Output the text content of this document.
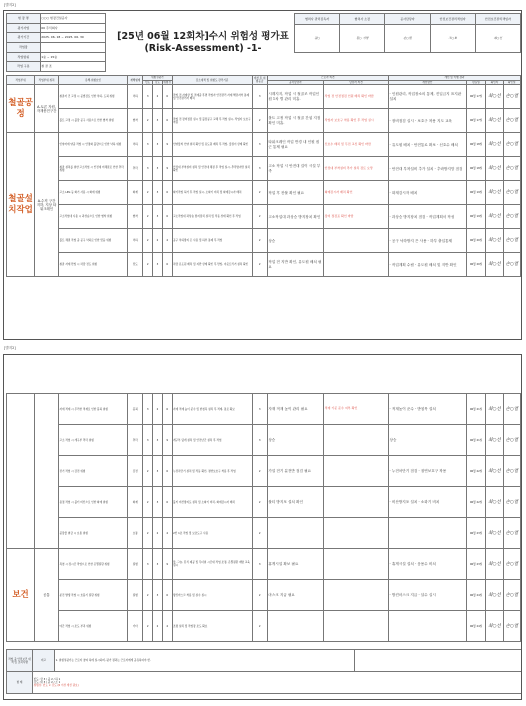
[별지2]
현 장 명	○○○ 현장건설공사
평가사업	00 주식회사
평가기간	2025. 06. 18 ~ 2025. 06. 30
작업장	
작업범위	1층 ~ 15층
작업 구분	철 골 조
[25년 06월 12회차]수시 위험성 평가표
(Risk-Assessment) -1-
협력사 관리감독자	협력사 소장	공사담당자	안전보건관리책임자	안전보건관리책임자
강○	김○ 서명	손○열	조○호	최○선
작업부위	작업부위 위치	유해·위험요인	재해형태	위험성평가			감소대책 및 위험도 관리기준	개선 후 위험등급	근로자 의견		개선 및 이행 결과			
				빈도	강도	위험성			공사담당자	담당자 의견	개선방안	완료일	확인자	확인일
철골공정	A-토론 자원, 자재충전구간	철골자 건 고정 시 공법검토 인한 낙하, 도괴 위험	낙하	3	2	6	작업 전 자재상 및 적재중 후면 작업자 안전관리 자재 해당지역 통제 및 안전관리자 배치	3	시계지지, 작업 시 철골조 작업인원 1차 별 관리 미흡.	작업 전 안전점검 인원 배치 확인 바람	- 인원관리, 작업장소의 통제, 진입금지 표지판 설치	06월 17일	최○선	손○열
		볼트 고정 시 불량 공구 사용으로 인한 협착 위험	협착	2	3	6	작업 전 장비점검 실시 및 불량공구 교체 후 작업 실시, 작업자 보호구 착용	2	볼트 고정 작업 시 철골 간섭 지점 확인 미흡.	작업자 보호구 착용 확인 후 작업 실시	- 장비점검 실시 - 보호구 착용 지도 교육	06월 17일	최○선	손○열
철골설치작업	A-수직 구간 지하, 지상 타워크레인	인양자재 양중 작업 시 안정화 불량으로 인한 낙하 위험	낙하	3	3	9	인양물의 인양 위치 확인 및 유도원 배치 후 작업, 줄걸이 상태 확인	3	타워크레인 작업 반경 내 인원 접근 통제 필요	신호수 배치 및 무전 교신 확인 바람	- 유도원 배치 - 안전통로 확보 - 신호수 배치	06월 18일	최○선	손○열
		철골 설치를 위한 고소작업 시 안전대 미체결로 인한 추락 위험	추락	3	3	9	안전대 부착설비 설치 및 안전대 체결 후 작업 실시, 추락방지망 설치 확인	3	고소 작업 시 안전대 걸이 시설 부족	안전대 부착설비 추가 설치 검토 요망	- 안전대 부착설비 추가 설치 - 추락방지망 점검	06월 18일	최○선	손○열
		고소 LPG 등 화기 사용 시 화재 위험	화재	2	3	6	화기작업 허가 후 작업 실시, 소화기 비치 및 화재감시자 배치	2	작업 후 잔불 확인 필요	화재감시자 배치 확인	- 화재감시자 배치	06월 19일	최○선	손○열
		고소작업대 사용 시 과상승으로 인한 협착 위험	협착	2	3	6	고소작업대 과상승 방지장치 설치 및 작동 상태 확인 후 작업	2	고소작업대 과상승 방지장치 확인	장비 점검표 확인 바람	- 과상승 방지장치 점검 - 작업계획서 작성	06월 19일	최○선	손○열
		볼트 체결 작업 중 공구 낙하로 인한 맞음 위험	낙하	2	2	4	공구 낙하방지 끈 사용 및 하부 통제 후 작업	2	상승		- 공구 낙하방지 끈 사용 - 하부 출입통제	06월 20일	최○선	손○열
		철골 자재 반입 시 차량 전도 위험	전도	2	3	6	차량 유도원 배치 및 지반 상태 확인 후 반입, 아웃트리거 설치 확인	2	작업 전 지반 확인, 유도원 배치 필요		- 작업계획 수립 - 유도원 배치 및 지반 확인	06월 20일	최○선	손○열
[별지2]
		자재 적재 시 무리한 적재로 인한 붕괴 위험	붕괴	3	2	6	자재 적재 높이 준수 및 받침목 설치 후 적재, 통로 확보	3	자재 적재 높이 관리 필요	적재 기준 준수 여부 확인	- 적재높이 준수 - 받침목 설치	06월 21일	최○선	손○열
		고소 작업 시 개구부 추락 위험	추락	3	3	9	개구부 덮개 설치 및 안전난간 설치 후 작업	3	상승		상승	06월 21일	최○선	손○열
		전기 작업 시 감전 위험	감전	2	3	6	누전차단기 설치 및 작동 확인, 절연보호구 착용 후 작업	2	가설 전기 분전반 점검 필요		- 누전차단기 점검 - 절연보호구 착용	06월 22일	최○선	손○열
		용접 작업 시 불티 비산으로 인한 화재 위험	화재	2	3	6	불티 비산방지포 설치 및 소화기 비치, 화재감시자 배치	2	불티 방지포 설치 확인		- 비산방지포 설치 - 소화기 비치	06월 22일	최○선	손○열
		중량물 취급 시 요통 위험	요통	2	2	4	2인 1조 작업 및 보조도구 사용	2				06월 23일	최○선	손○열
보건	공통	폭염 시 장시간 작업으로 인한 온열질환 위험	질병	3	3	9	물, 그늘, 휴식 제공 및 무더위 시간대 작업 조정, 온열질환 예방 교육 실시	3	휴게시설 확보 필요		- 휴게시설 설치 - 음용수 비치	06월 23일	최○선	손○열
		분진 발생 작업 시 호흡기 질환 위험	질병	2	3	6	방진마스크 착용 및 살수 실시	2	마스크 지급 필요		- 방진마스크 지급 - 살수 실시	06월 24일	최○선	손○열
		야간 작업 시 조도 부족 위험	기타	2	2	4	조명 설치 및 작업장 조도 확보	2				06월 24일	최○선	손○열
작업 중 안전보건 대책 및 조치사항	비고	1. 위험성평가는 근로자 참여 하에 실시하며, 평가 결과는 근로자에게 공유하여야 함.	
범 례	빈도: 상 3 / 중 2 / 하 1
강도: 대 3 / 중 2 / 소 1
위험성: 빈도 × 강도 (6 이상 개선 필요)		
